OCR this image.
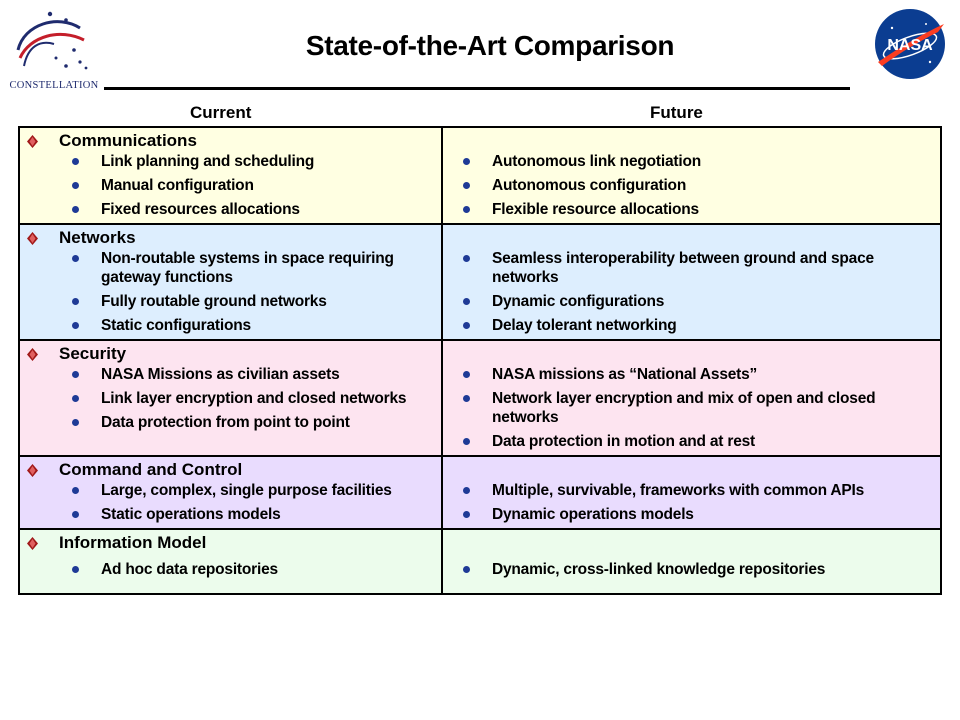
CONSTELLATION
NASA
State-of-the-Art Comparison
Current	Future
Communications
Link planning and scheduling
Manual configuration
Fixed resources allocations
Autonomous link negotiation
Autonomous configuration
Flexible resource allocations
Networks
Non-routable systems in space requiring gateway functions
Fully routable ground networks
Static configurations
Seamless interoperability between ground and space networks
Dynamic configurations
Delay tolerant networking
Security
NASA Missions as civilian assets
Link layer encryption and closed networks
Data protection from point to point
NASA missions as “National Assets”
Network layer encryption and mix of open and closed networks
Data protection in motion and at rest
Command and Control
Large, complex, single purpose facilities
Static operations models
Multiple, survivable, frameworks with common APIs
Dynamic operations models
Information Model
Ad hoc data repositories	Dynamic, cross-linked knowledge repositories
